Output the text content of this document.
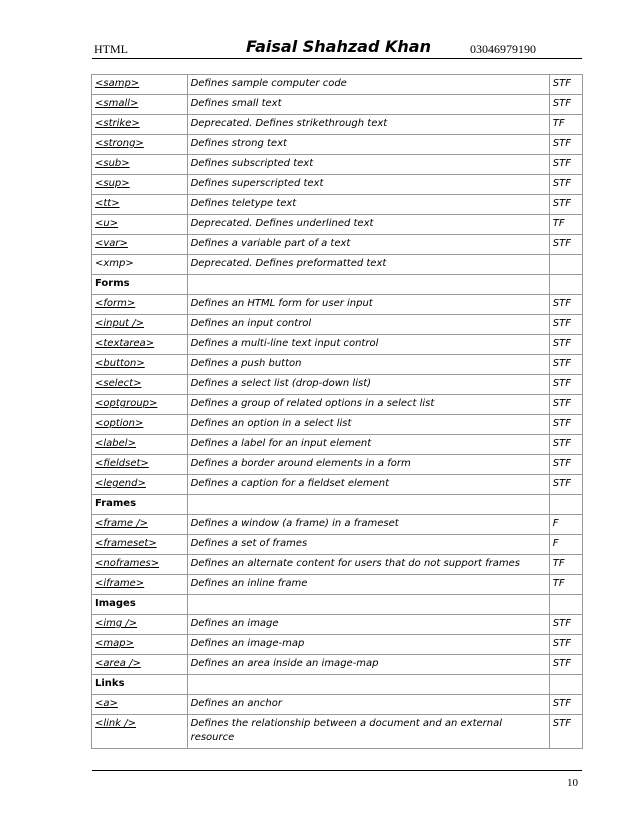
HTML	Faisal Shahzad Khan	03046979190
<samp>	Defines sample computer code	STF
<small>	Defines small text	STF
<strike>	Deprecated. Defines strikethrough text	TF
<strong>	Defines strong text	STF
<sub>	Defines subscripted text	STF
<sup>	Defines superscripted text	STF
<tt>	Defines teletype text	STF
<u>	Deprecated. Defines underlined text	TF
<var>	Defines a variable part of a text	STF
<xmp>	Deprecated. Defines preformatted text	
Forms		
<form>	Defines an HTML form for user input	STF
<input />	Defines an input control	STF
<textarea>	Defines a multi-line text input control	STF
<button>	Defines a push button	STF
<select>	Defines a select list (drop-down list)	STF
<optgroup>	Defines a group of related options in a select list	STF
<option>	Defines an option in a select list	STF
<label>	Defines a label for an input element	STF
<fieldset>	Defines a border around elements in a form	STF
<legend>	Defines a caption for a fieldset element	STF
Frames		
<frame />	Defines a window (a frame) in a frameset	F
<frameset>	Defines a set of frames	F
<noframes>	Defines an alternate content for users that do not support frames	TF
<iframe>	Defines an inline frame	TF
Images		
<img />	Defines an image	STF
<map>	Defines an image-map	STF
<area />	Defines an area inside an image-map	STF
Links		
<a>	Defines an anchor	STF
<link />	Defines the relationship between a document and an external resource	STF
10
